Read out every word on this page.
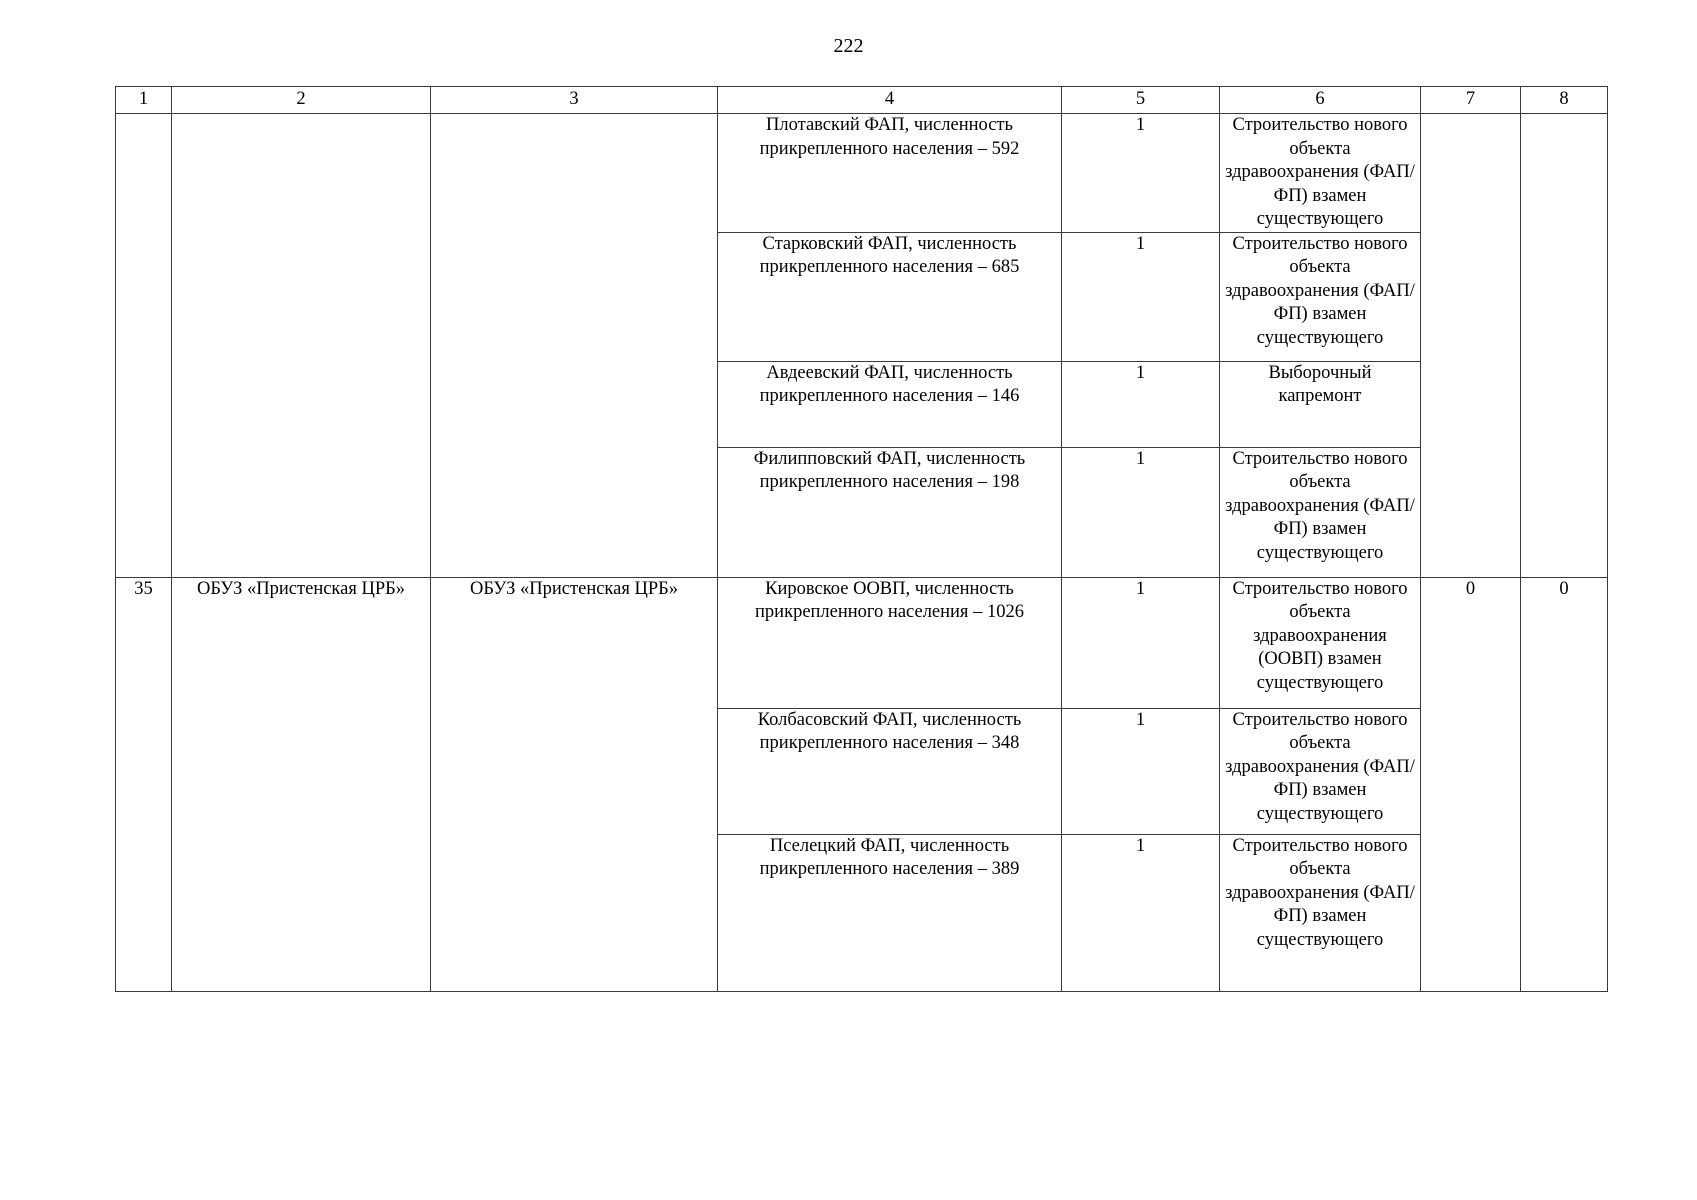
222
1	2	3	4	5	6	7	8
			Плотавский ФАП, численность прикрепленного населения – 592	1	Строительство нового объекта здравоохранения (ФАП/ФП) взамен существующего		
			Старковский ФАП, численность прикрепленного населения – 685	1	Строительство нового объекта здравоохранения (ФАП/ФП) взамен существующего		
			Авдеевский ФАП, численность прикрепленного населения – 146	1	Выборочный капремонт		
			Филипповский ФАП, численность прикрепленного населения – 198	1	Строительство нового объекта здравоохранения (ФАП/ФП) взамен существующего		
35	ОБУЗ «Пристенская ЦРБ»	ОБУЗ «Пристенская ЦРБ»	Кировское ООВП, численность прикрепленного населения – 1026	1	Строительство нового объекта здравоохранения (ООВП) взамен существующего	0	0
			Колбасовский ФАП, численность прикрепленного населения – 348	1	Строительство нового объекта здравоохранения (ФАП/ФП) взамен существующего		
			Пселецкий ФАП, численность прикрепленного населения – 389	1	Строительство нового объекта здравоохранения (ФАП/ФП) взамен существующего		
